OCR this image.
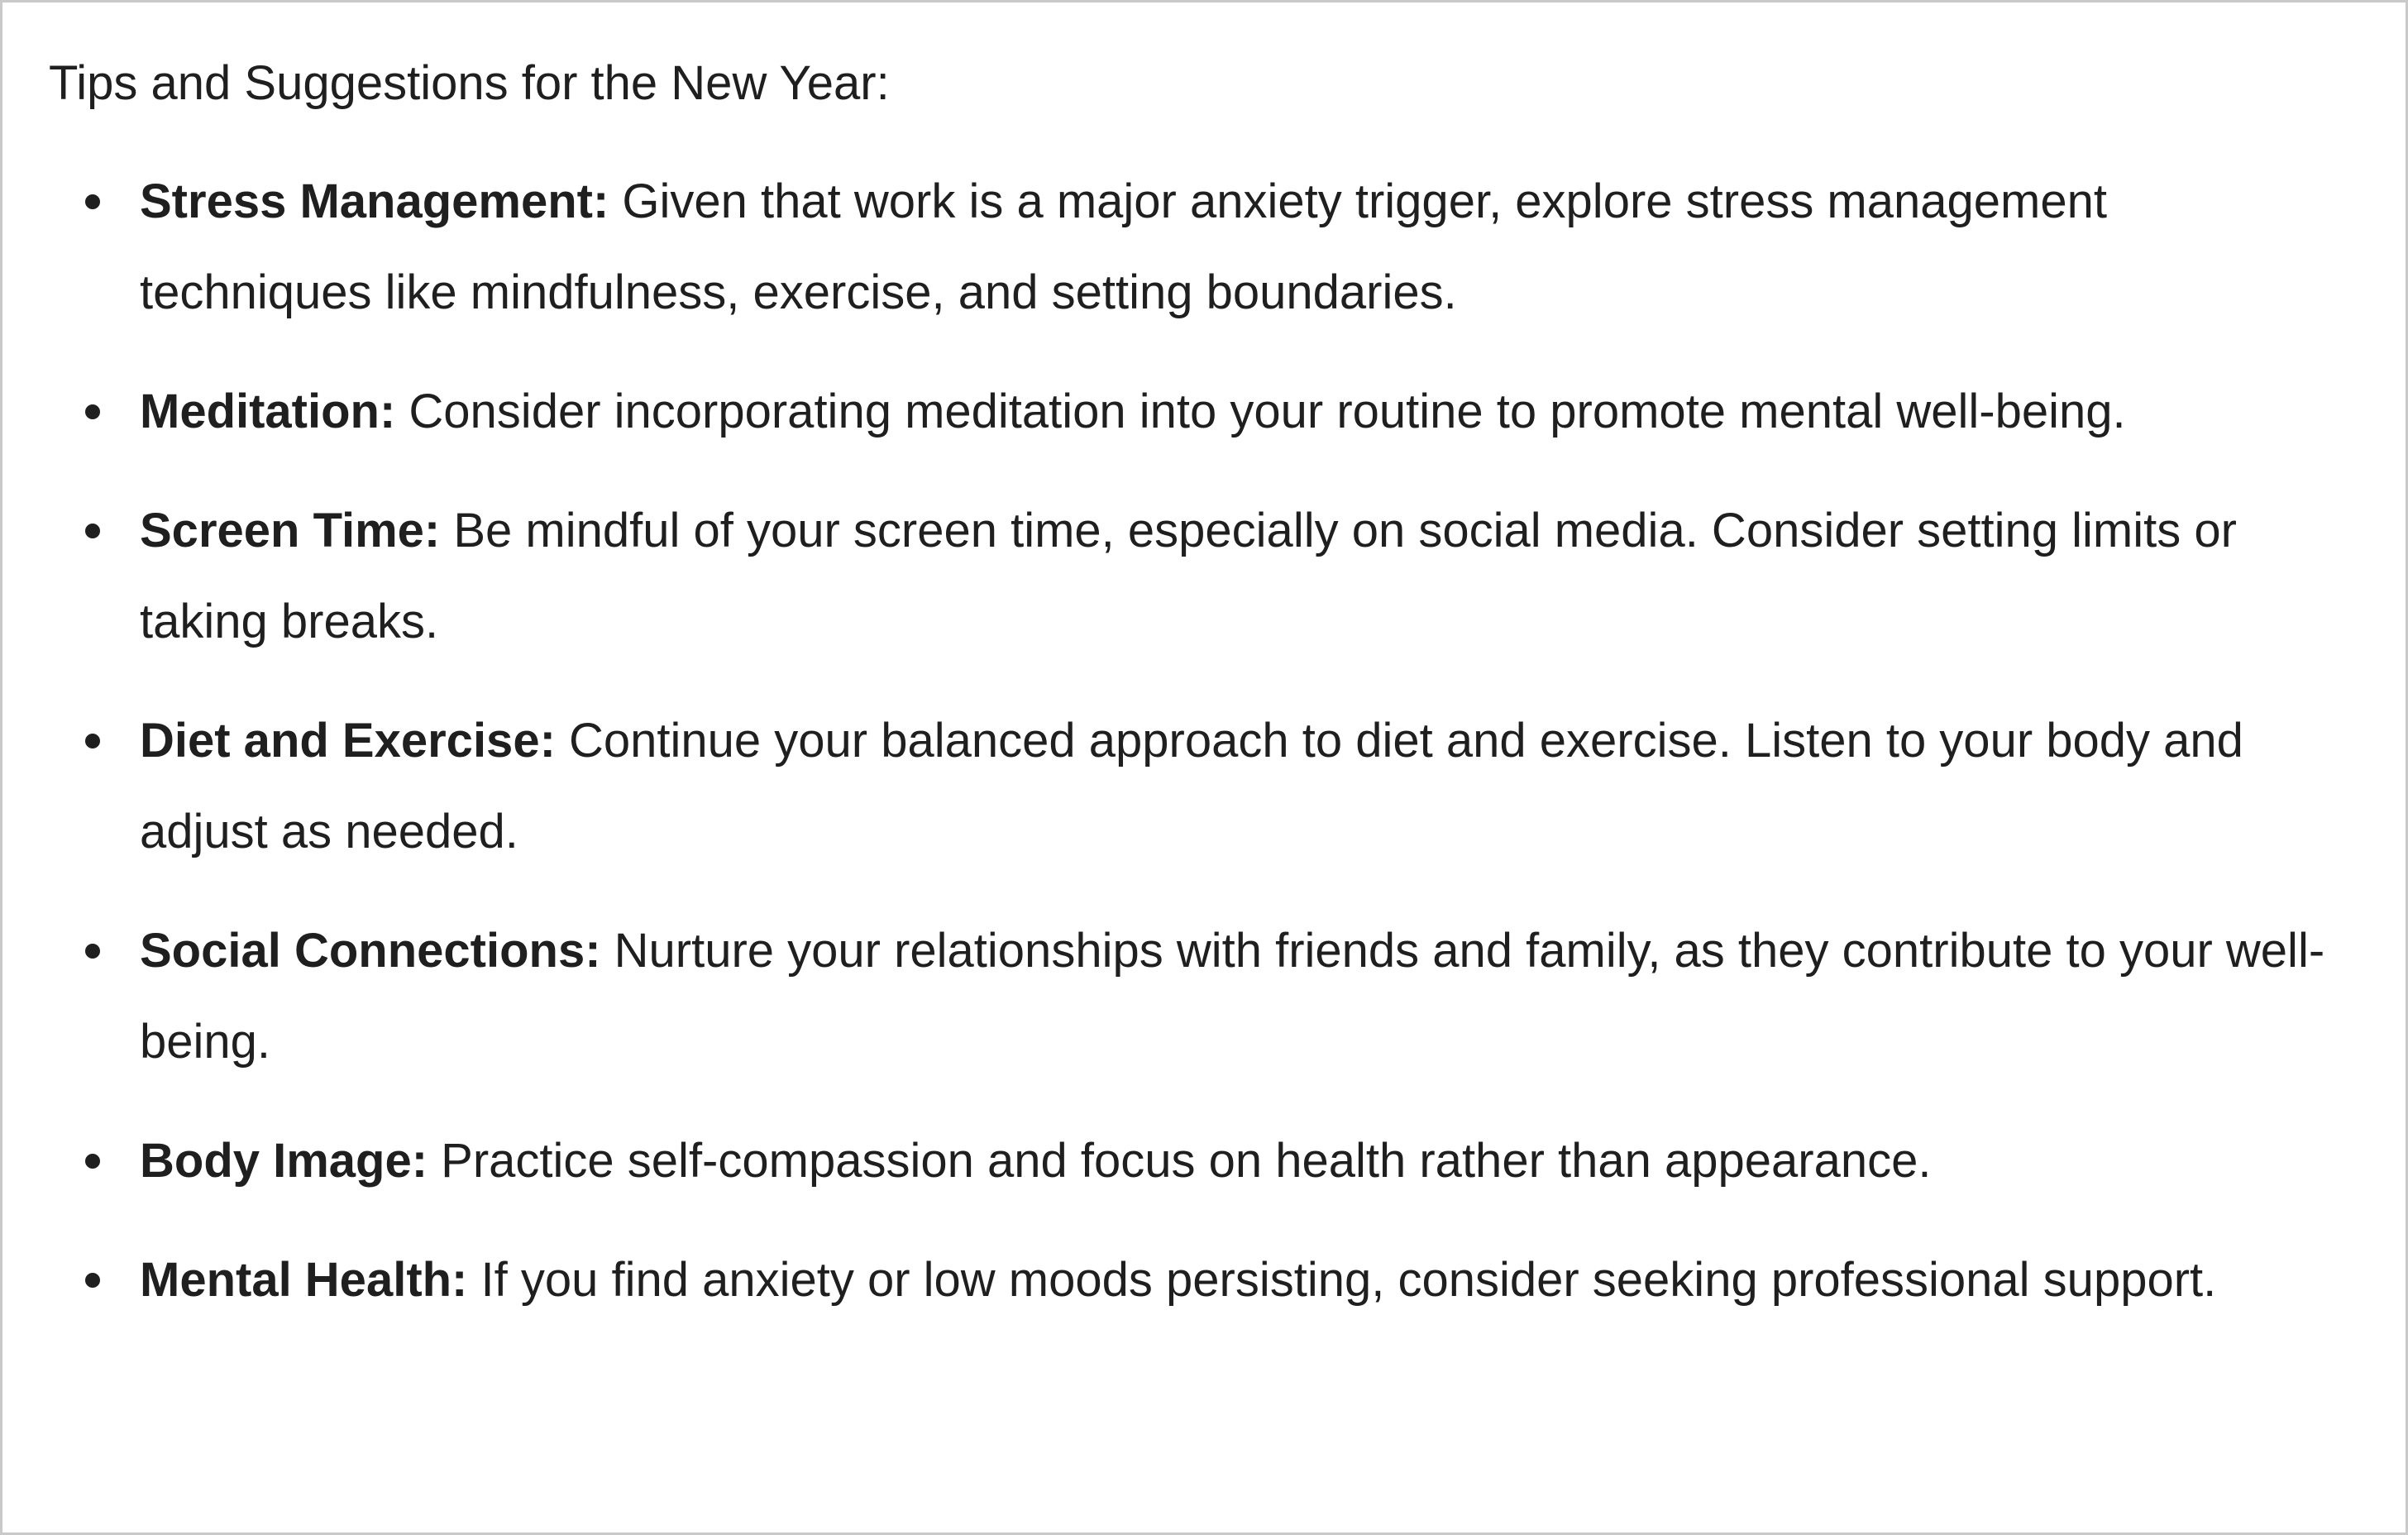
Tips and Suggestions for the New Year:

Stress Management: Given that work is a major anxiety trigger, explore stress management techniques like mindfulness, exercise, and setting boundaries.
Meditation: Consider incorporating meditation into your routine to promote mental well-being.
Screen Time: Be mindful of your screen time, especially on social media. Consider setting limits or taking breaks.
Diet and Exercise: Continue your balanced approach to diet and exercise. Listen to your body and adjust as needed.
Social Connections: Nurture your relationships with friends and family, as they contribute to your well-being.
Body Image: Practice self-compassion and focus on health rather than appearance.
Mental Health: If you find anxiety or low moods persisting, consider seeking professional support.
